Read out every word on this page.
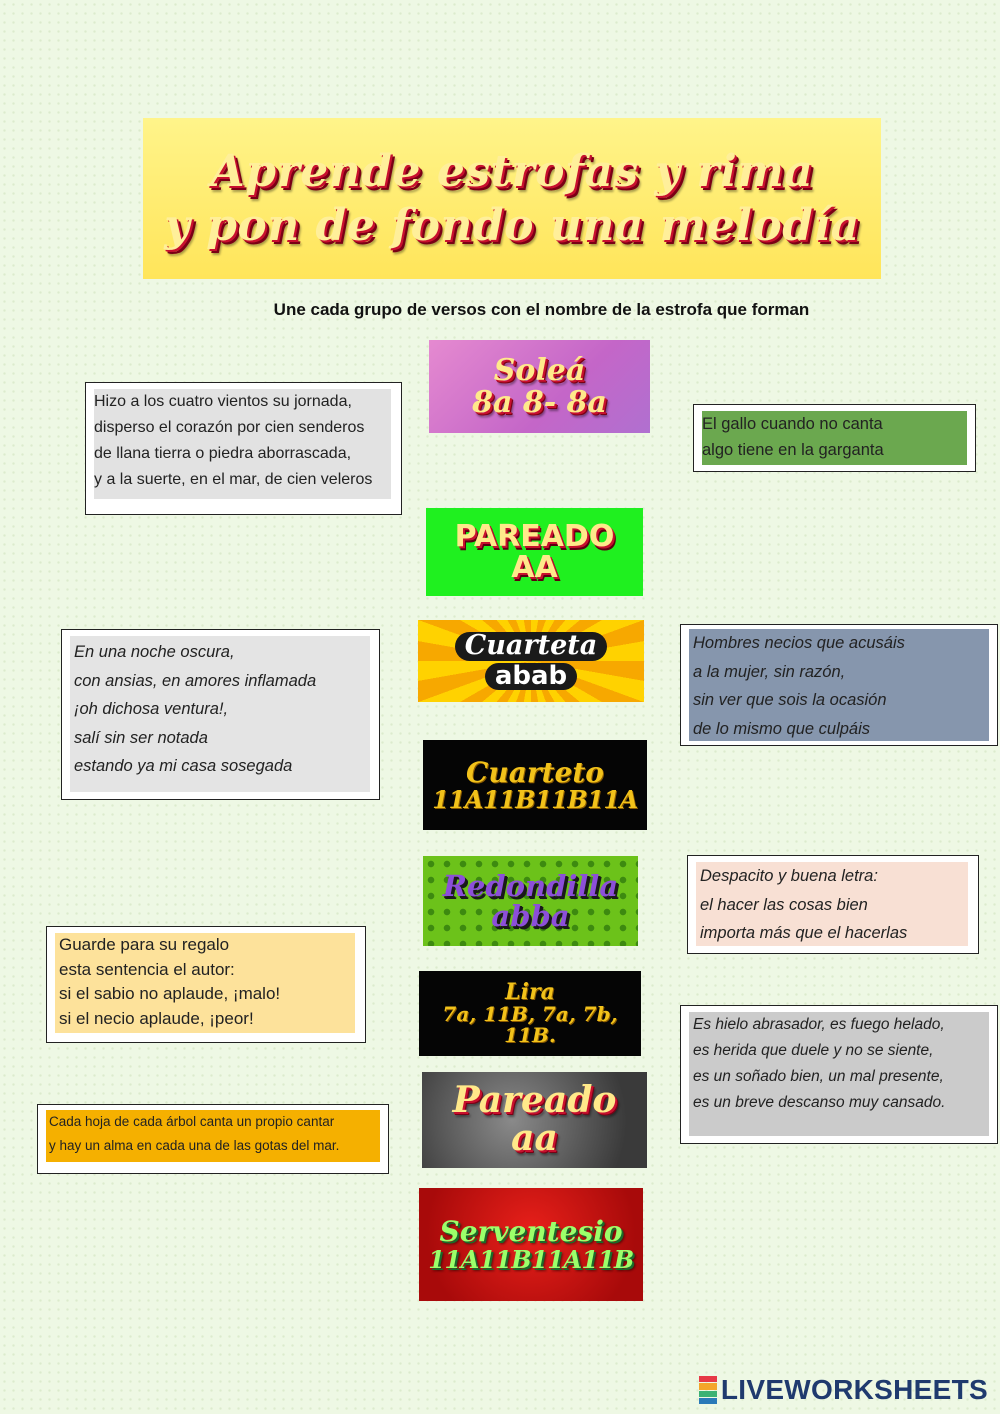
Aprende estrofas y rima
y pon de fondo una melodía
Une cada grupo de versos con el nombre de la estrofa que forman
Hizo a los cuatro vientos su jornada,
disperso el corazón por cien senderos
de llana tierra o piedra aborrascada,
y a la suerte, en el mar, de cien veleros
El gallo cuando no canta
algo tiene en la garganta
En una noche oscura,
con ansias, en amores inflamada
¡oh dichosa ventura!,
salí sin ser notada
estando ya mi casa sosegada
Hombres necios que acusáis
a la mujer, sin razón,
sin ver que sois la ocasión
de lo mismo que culpáis
Despacito y buena letra:
el hacer las cosas bien
importa más que el hacerlas
Guarde para su regalo
esta sentencia el autor:
si el sabio no aplaude, ¡malo!
si el necio aplaude, ¡peor!	Es hielo abrasador, es fuego helado,
es herida que duele y no se siente,
es un soñado bien, un mal presente,
es un breve descanso muy cansado.
Cada hoja de cada árbol canta un propio cantar
y hay un alma en cada una de las gotas del mar.
Soleá
8a 8- 8a
PAREADO
AA
Cuarteta
abab
Cuarteto
11A11B11B11A
Redondilla
abba
Lira
7a, 11B, 7a, 7b, 11B.
Pareado
aa
Serventesio
11A11B11A11B
LIVEWORKSHEETS
